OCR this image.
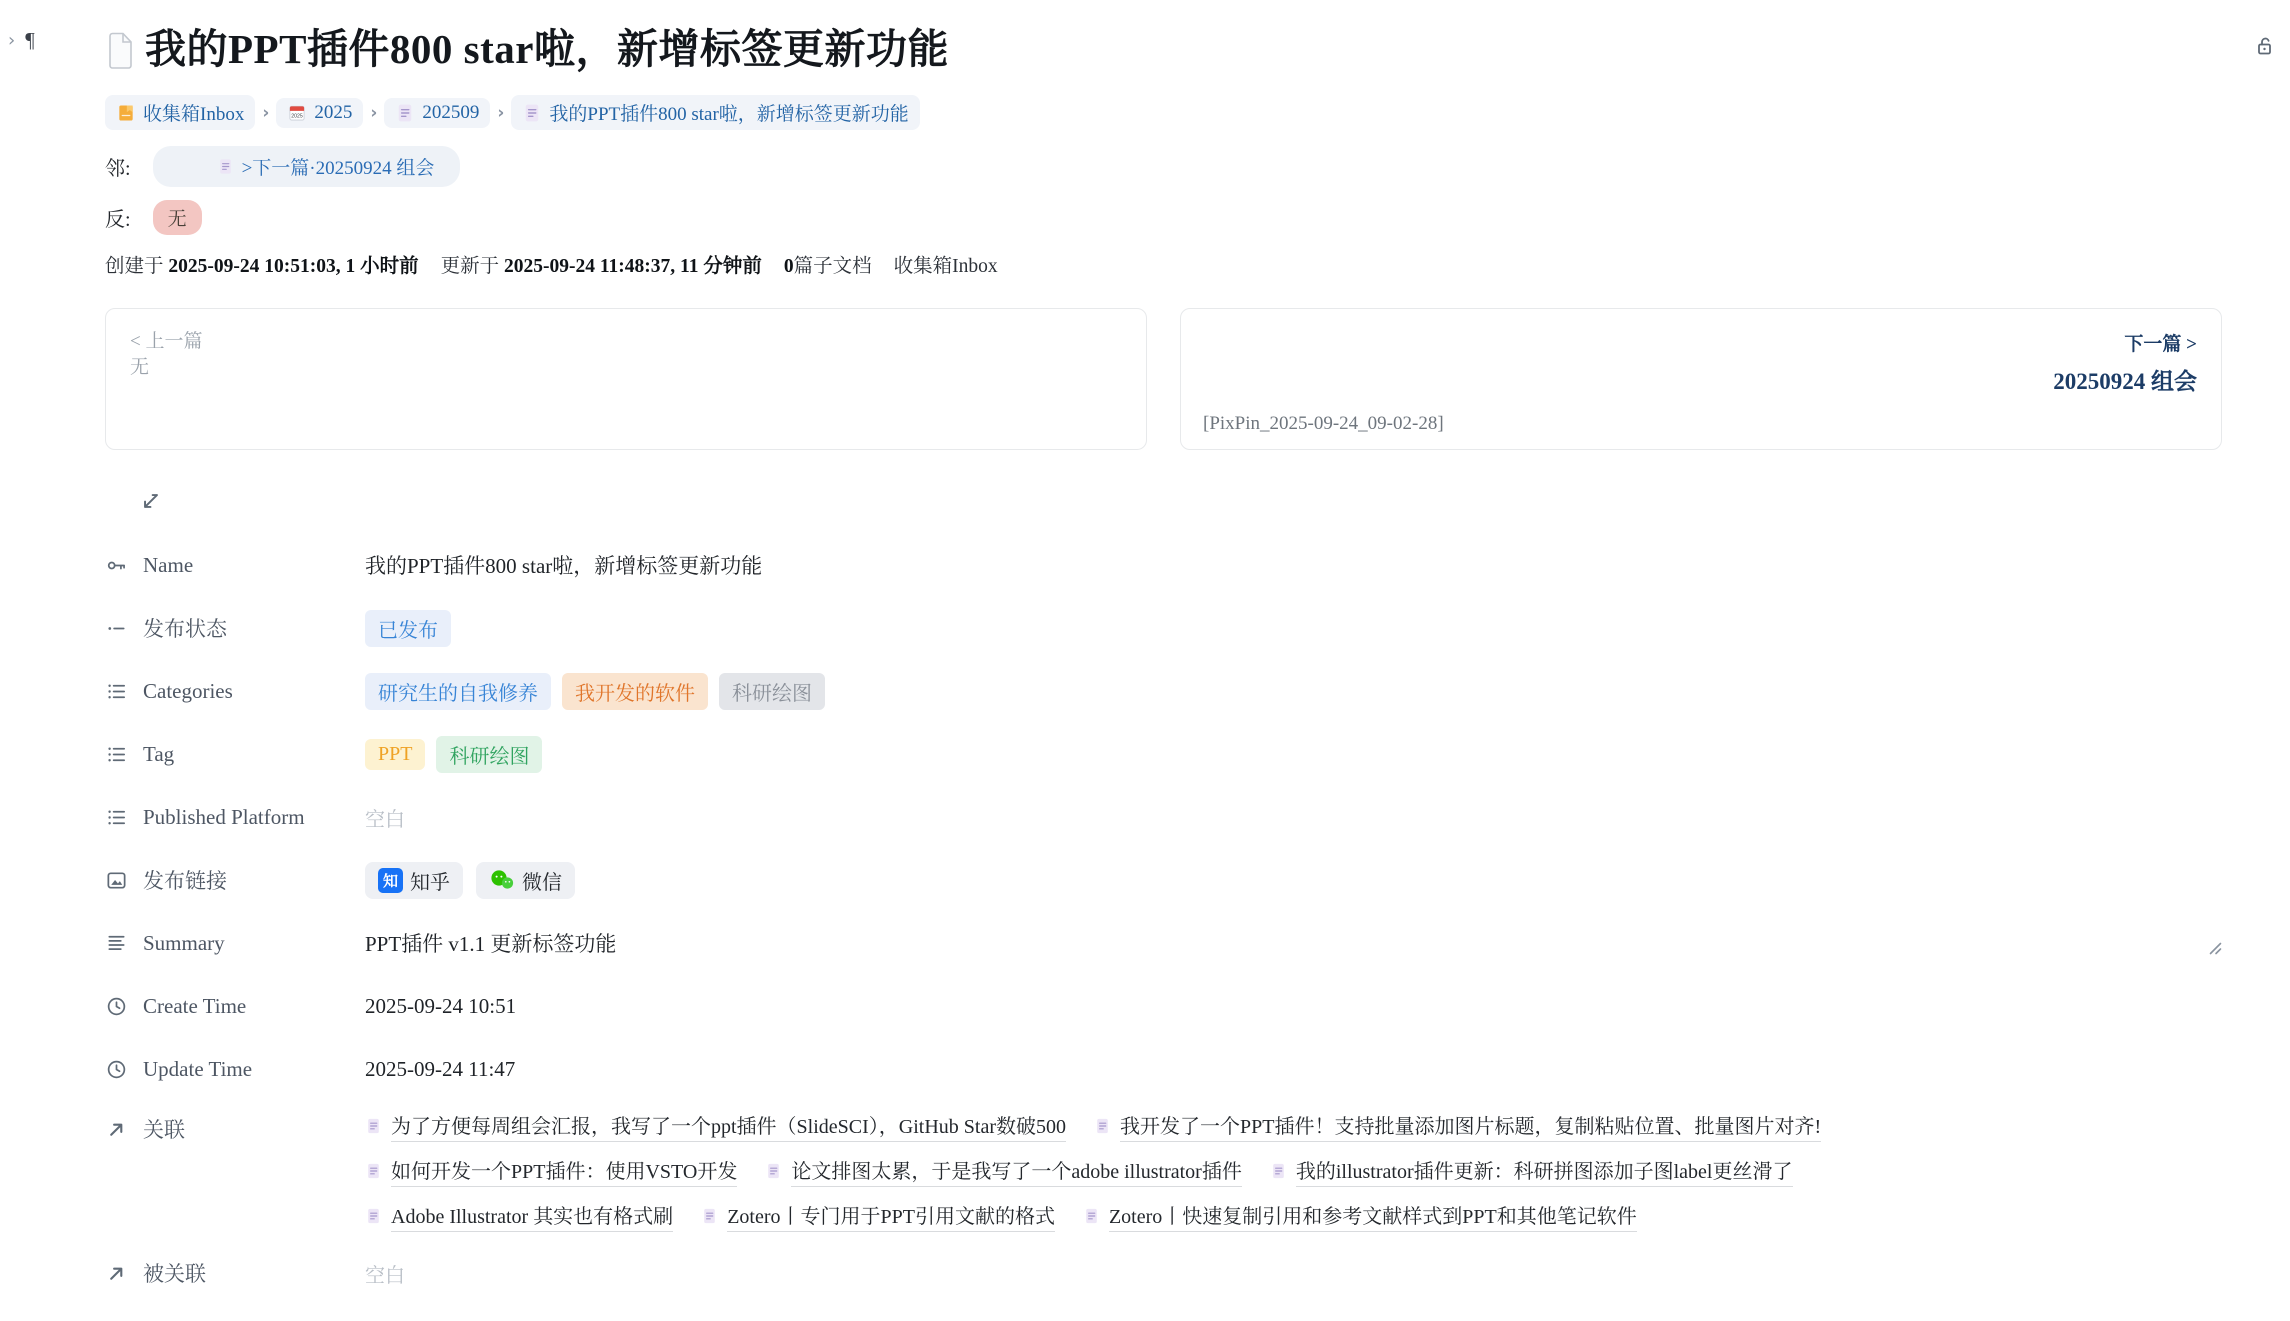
› ¶	我的PPT插件800 star啦，新增标签更新功能
收集箱Inbox ›	2025 2025 › 202509 › 我的PPT插件800 star啦，新增标签更新功能
邻:	>下一篇·20250924 组会
反:	无
创建于 2025-09-24 10:51:03, 1 小时前 更新于 2025-09-24 11:48:37, 11 分钟前 0篇子文档 收集箱Inbox
< 上一篇
无
下一篇 >
20250924 组会
[PixPin_2025-09-24_09-02-28]
Name	我的PPT插件800 star啦，新增标签更新功能
发布状态	已发布
Categories	研究生的自我修养	我开发的软件	科研绘图
Tag	PPT	科研绘图
Published Platform	空白
发布链接	知 知乎	微信
Summary	PPT插件 v1.1 更新标签功能
Create Time	2025-09-24 10:51
Update Time	2025-09-24 11:47
关联	为了方便每周组会汇报，我写了一个ppt插件（SlideSCI），GitHub Star数破500	我开发了一个PPT插件！支持批量添加图片标题，复制粘贴位置、批量图片对齐!
如何开发一个PPT插件：使用VSTO开发	论文排图太累，于是我写了一个adobe illustrator插件	我的illustrator插件更新：科研拼图添加子图label更丝滑了
Adobe Illustrator 其实也有格式刷	Zotero丨专门用于PPT引用文献的格式	Zotero丨快速复制引用和参考文献样式到PPT和其他笔记软件
被关联	空白
